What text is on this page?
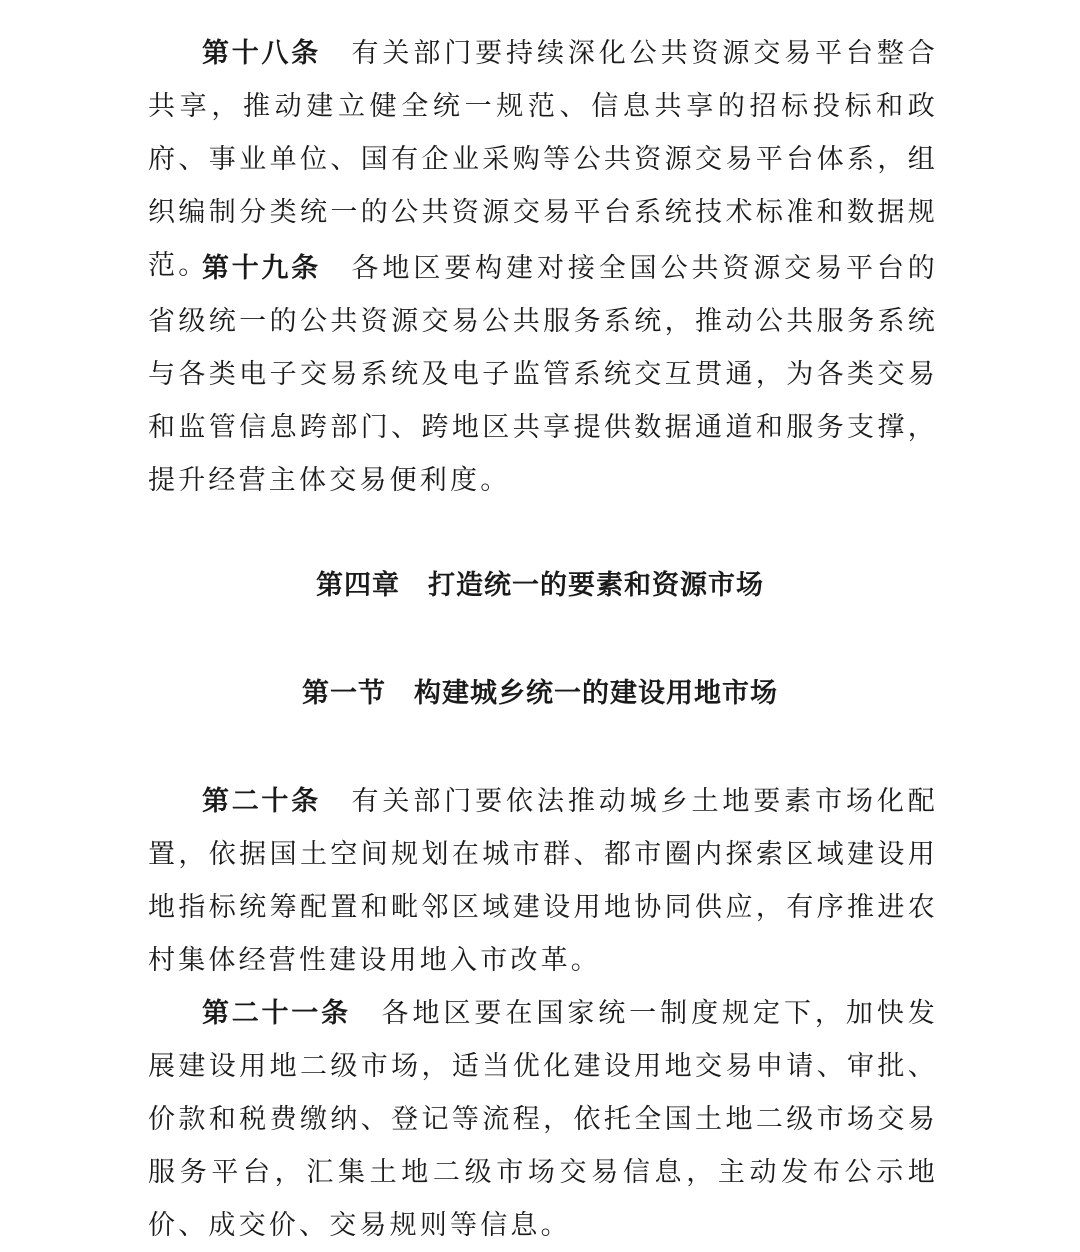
第十八条 有关部门要持续深化公共资源交易平台整合共享，推动建立健全统一规范、信息共享的招标投标和政府、事业单位、国有企业采购等公共资源交易平台体系，组织编制分类统一的公共资源交易平台系统技术标准和数据规范。

第十九条 各地区要构建对接全国公共资源交易平台的省级统一的公共资源交易公共服务系统，推动公共服务系统与各类电子交易系统及电子监管系统交互贯通，为各类交易和监管信息跨部门、跨地区共享提供数据通道和服务支撑，提升经营主体交易便利度。

第四章 打造统一的要素和资源市场
第一节 构建城乡统一的建设用地市场

第二十条 有关部门要依法推动城乡土地要素市场化配置，依据国土空间规划在城市群、都市圈内探索区域建设用地指标统筹配置和毗邻区域建设用地协同供应，有序推进农村集体经营性建设用地入市改革。

第二十一条 各地区要在国家统一制度规定下，加快发展建设用地二级市场，适当优化建设用地交易申请、审批、价款和税费缴纳、登记等流程，依托全国土地二级市场交易服务平台，汇集土地二级市场交易信息，主动发布公示地价、成交价、交易规则等信息。
